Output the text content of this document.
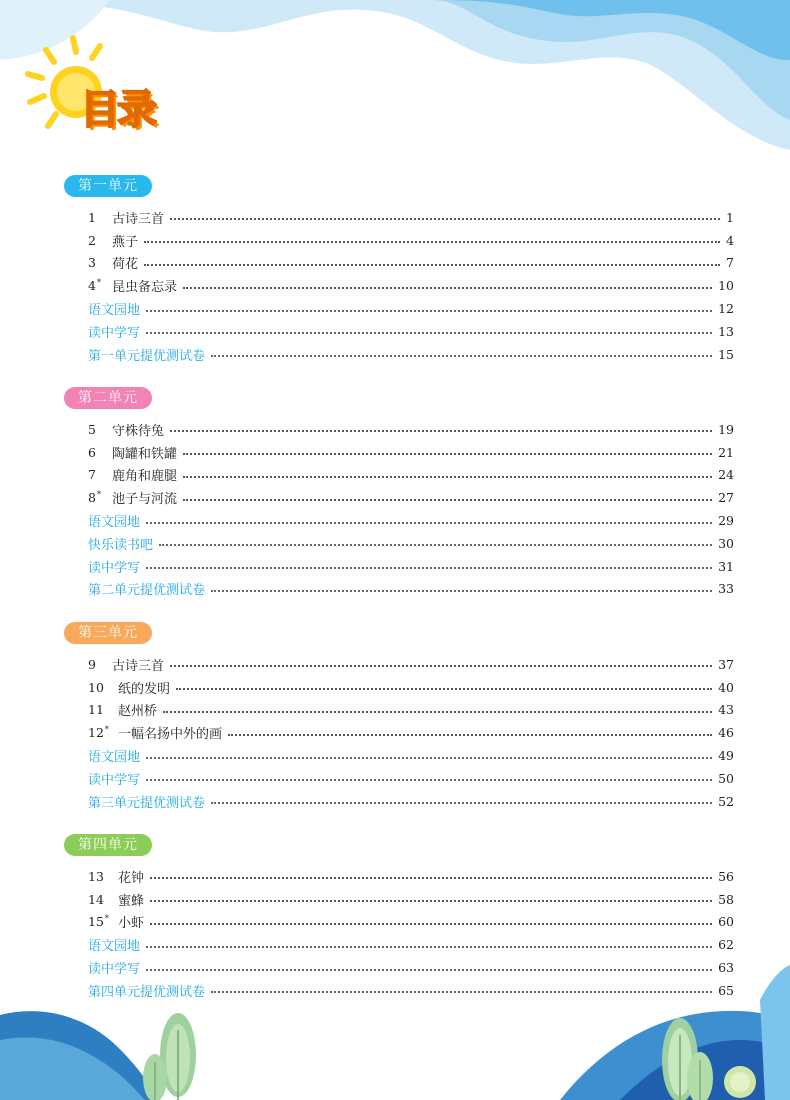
目录
第一单元
1	古诗三首	1
2	燕子	4
3	荷花	7
4* 昆虫备忘录	10
语文园地	12
读中学写	13
第一单元提优测试卷	15
第二单元
5	守株待兔	19
6	陶罐和铁罐	21
7	鹿角和鹿腿	24
8* 池子与河流	27
语文园地	29
快乐读书吧	30
读中学写	31
第二单元提优测试卷	33
第三单元
9	古诗三首	37
10	纸的发明	40
11	赵州桥	43
12* 一幅名扬中外的画	46
语文园地	49
读中学写	50
第三单元提优测试卷	52
第四单元
13	花钟	56
14	蜜蜂	58
15* 小虾	60
语文园地	62
读中学写	63
第四单元提优测试卷	65
